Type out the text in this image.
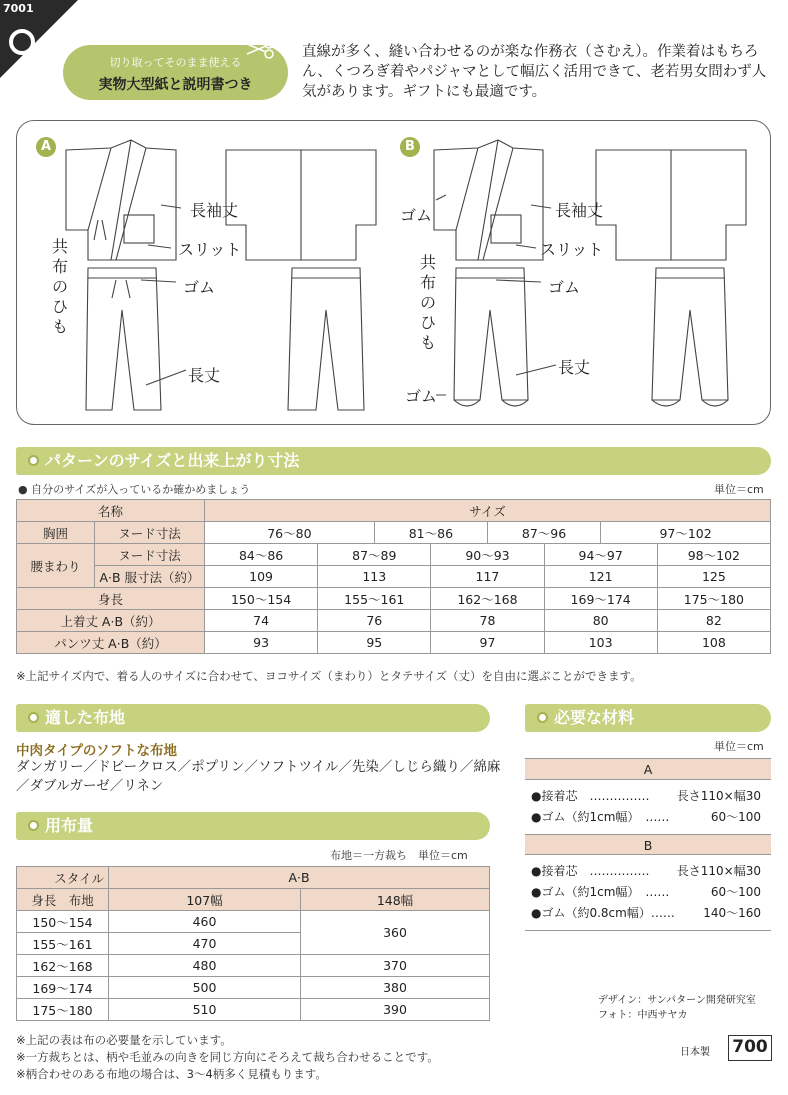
7001
切り取ってそのまま使える
実物大型紙と説明書つき
直線が多く、縫い合わせるのが楽な作務衣（さむえ）。作業着はもちろん、くつろぎ着やパジャマとして幅広く活用できて、老若男女問わず人気があります。ギフトにも最適です。
A	B
長袖丈
スリット
共布のひも
ゴム
長丈
長袖丈
スリット
共布のひも
ゴム
ゴム
ゴム
長丈
パターンのサイズと出来上がり寸法
● 自分のサイズが入っているか確かめましょう	単位＝cm
名称		サイズ							
胸囲	ヌード寸法	76〜80		81〜86		87〜96		97〜102	
腰まわり	ヌード寸法	84〜86	87〜89		90〜93		94〜97		98〜102
	A·B 服寸法（約）	109	113		117		121		125
身長		150〜154	155〜161		162〜168		169〜174		175〜180
上着丈 A·B（約）		74	76		78		80		82
パンツ丈 A·B（約）		93	95		97		103		108
※上記サイズ内で、着る人のサイズに合わせて、ヨコサイズ（まわり）とタテサイズ（丈）を自由に選ぶことができます。
適した布地
中肉タイプのソフトな布地
ダンガリー／ドビークロス／ポプリン／ソフトツイル／先染／しじら織り／綿麻／ダブルガーゼ／リネン
必要な材料
単位＝cm
A
●接着芯　…………… 長さ110×幅30
●ゴム（約1cm幅）　……	60〜100
B
●接着芯　…………… 長さ110×幅30
●ゴム（約1cm幅）　……	60〜100
●ゴム（約0.8cm幅）…… 140〜160
用布量
布地＝一方裁ち　単位＝cm
スタイル	A·B	
身長　 布地	107幅	148幅
150〜154	460	360
155〜161	470	
162〜168	480	370
169〜174	500	380
175〜180	510	390
※上記の表は布の必要量を示しています。
※一方裁ちとは、柄や毛並みの向きを同じ方向にそろえて裁ち合わせることです。
※柄合わせのある布地の場合は、3〜4柄多く見積もります。
デザイン：サンパターン開発研究室
フォト：中西サヤカ
日本製 700
